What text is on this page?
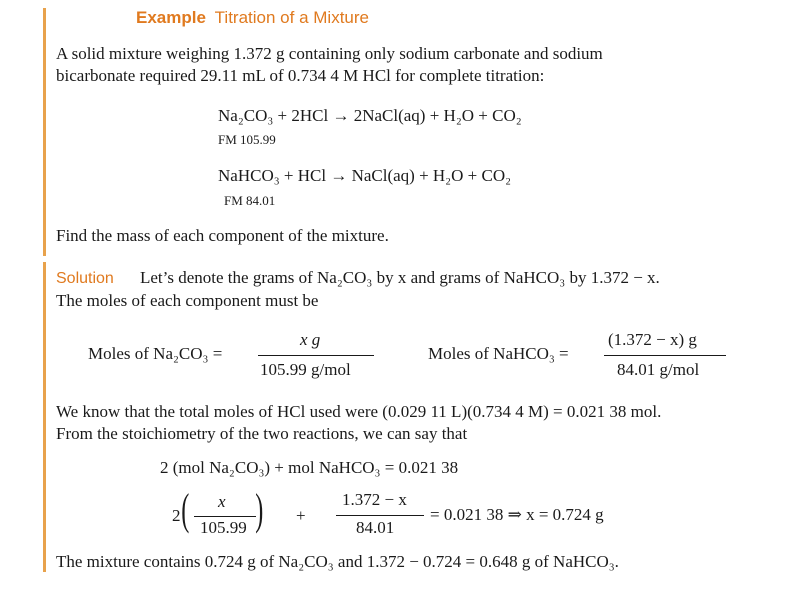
Example Titration of a Mixture
A solid mixture weighing 1.372 g containing only sodium carbonate and sodium
bicarbonate required 29.11 mL of 0.734 4 M HCl for complete titration:
Na₂CO₃ + 2HCl → 2NaCl(aq) + H₂O + CO₂
FM 105.99
NaHCO₃ + HCl → NaCl(aq) + H₂O + CO₂
FM 84.01
Find the mass of each component of the mixture.
Solution Let’s denote the grams of Na₂CO₃ by x and grams of NaHCO₃ by 1.372 − x.
The moles of each component must be
Moles of Na₂CO₃ =
x g
105.99 g/mol
Moles of NaHCO₃ =
(1.372 − x) g
84.01 g/mol
We know that the total moles of HCl used were (0.029 11 L)(0.734 4 M) = 0.021 38 mol.
From the stoichiometry of the two reactions, we can say that
2 (mol Na₂CO₃) + mol NaHCO₃ = 0.021 38
2 ( x
105.99 ) +
1.372 − x
84.01
= 0.021 38 ⇒ x = 0.724 g
The mixture contains 0.724 g of Na₂CO₃ and 1.372 − 0.724 = 0.648 g of NaHCO₃.
